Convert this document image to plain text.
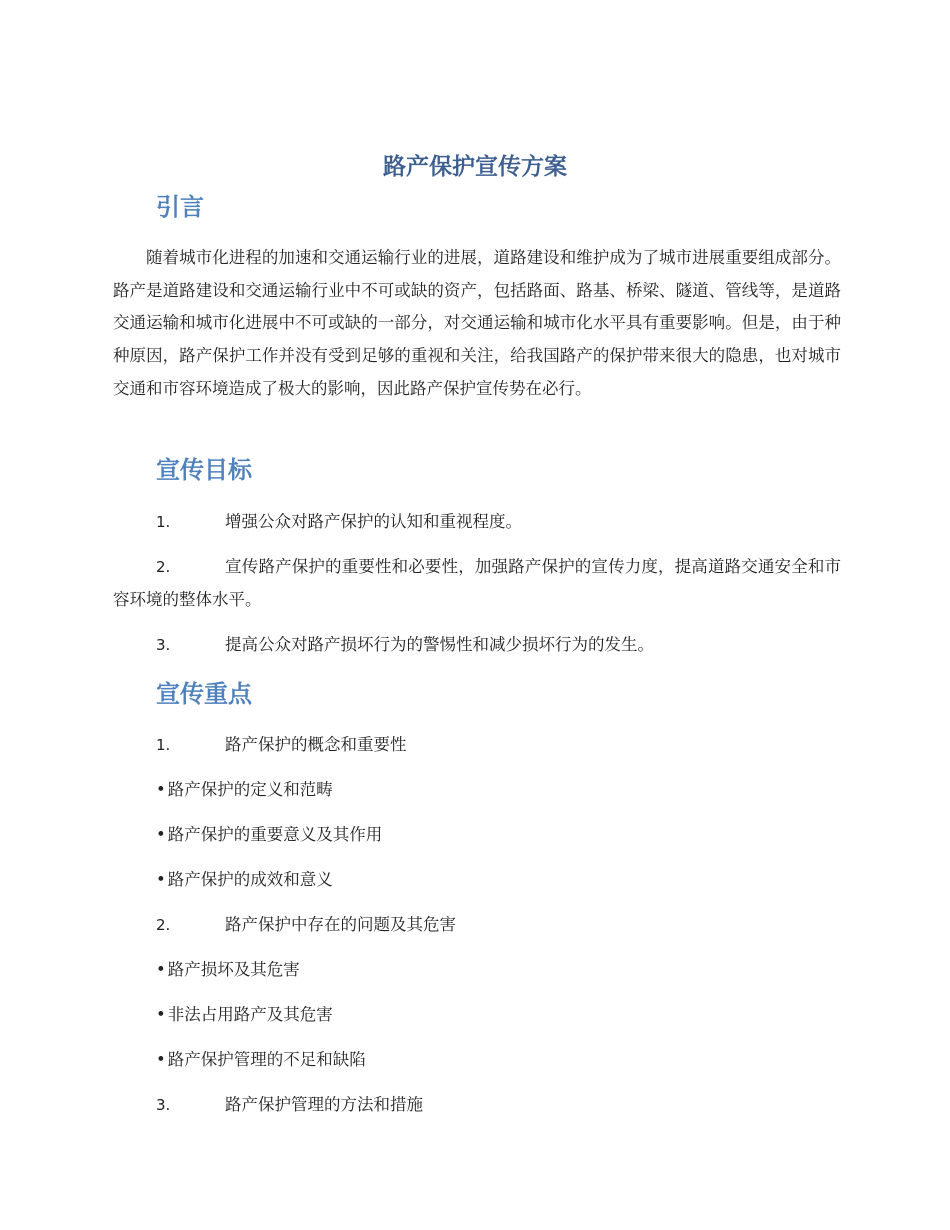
路产保护宣传方案
引言

随着城市化进程的加速和交通运输行业的进展，道路建设和维护成为了城市进展重要组成部分。路产是道路建设和交通运输行业中不可或缺的资产，包括路面、路基、桥梁、隧道、管线等，是道路交通运输和城市化进展中不可或缺的一部分，对交通运输和城市化水平具有重要影响。但是，由于种种原因，路产保护工作并没有受到足够的重视和关注，给我国路产的保护带来很大的隐患，也对城市交通和市容环境造成了极大的影响，因此路产保护宣传势在必行。

宣传目标

1.	增强公众对路产保护的认知和重视程度。

2.	宣传路产保护的重要性和必要性，加强路产保护的宣传力度，提高道路交通安全和市容环境的整体水平。

3.	提高公众对路产损坏行为的警惕性和减少损坏行为的发生。

宣传重点

1.	路产保护的概念和重要性

• 路产保护的定义和范畴

• 路产保护的重要意义及其作用

• 路产保护的成效和意义

2.	路产保护中存在的问题及其危害

• 路产损坏及其危害

• 非法占用路产及其危害

• 路产保护管理的不足和缺陷

3.	路产保护管理的方法和措施
